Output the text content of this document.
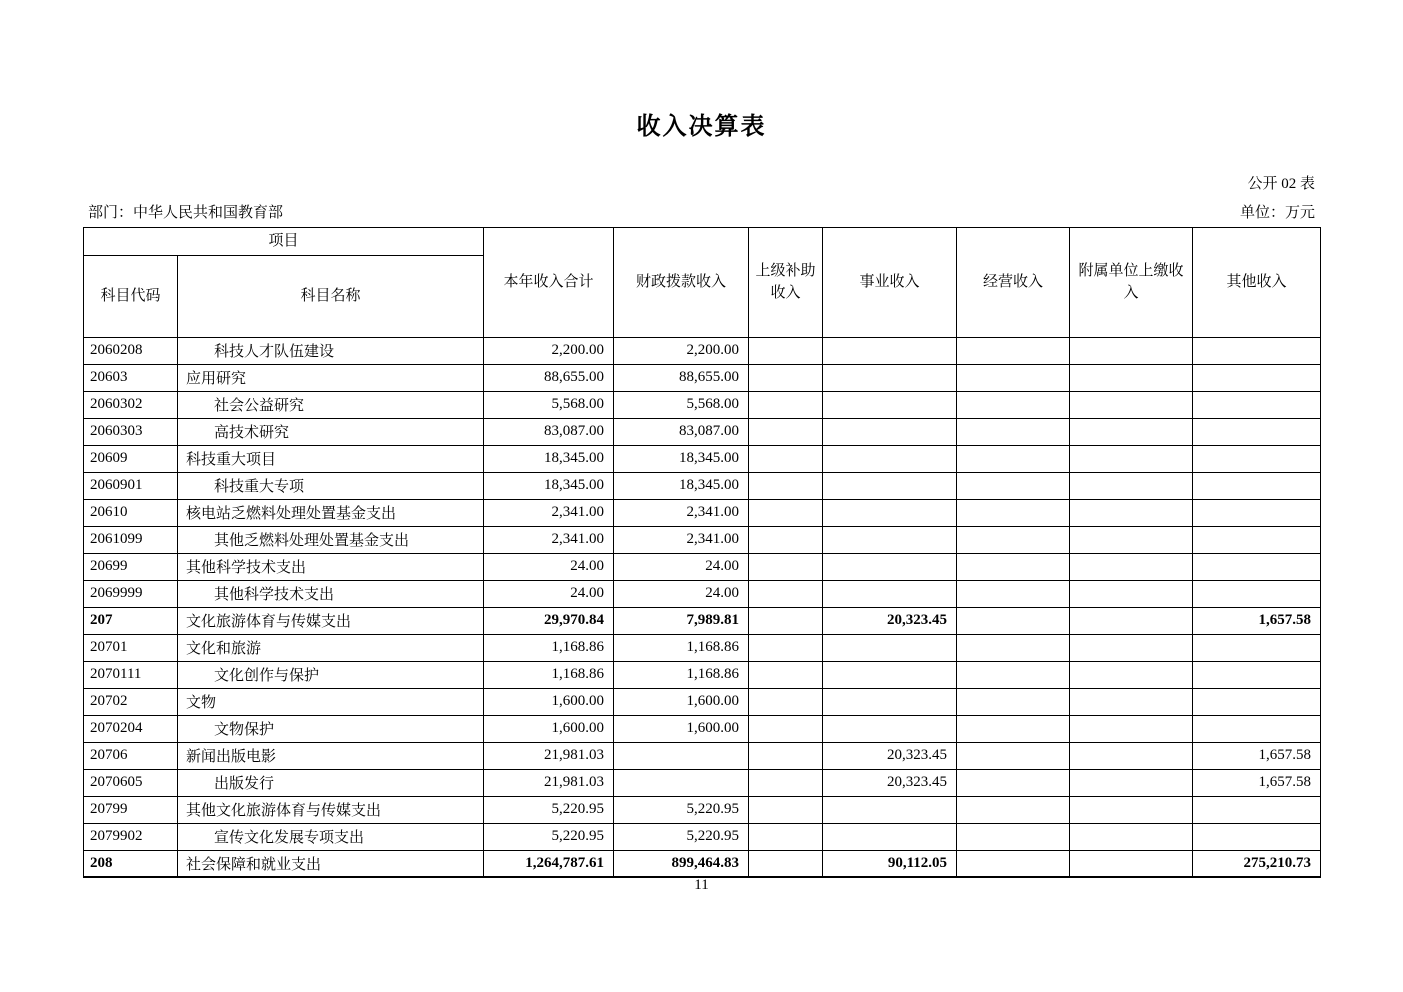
收入决算表
公开 02 表
部门：中华人民共和国教育部	单位：万元
项目		本年收入合计	财政拨款收入	上级补助收入	事业收入	经营收入	附属单位上缴收入	其他收入
科目代码	科目名称							
2060208	科技人才队伍建设	2,200.00	2,200.00					
20603	应用研究	88,655.00	88,655.00					
2060302	社会公益研究	5,568.00	5,568.00					
2060303	高技术研究	83,087.00	83,087.00					
20609	科技重大项目	18,345.00	18,345.00					
2060901	科技重大专项	18,345.00	18,345.00					
20610	核电站乏燃料处理处置基金支出	2,341.00	2,341.00					
2061099	其他乏燃料处理处置基金支出	2,341.00	2,341.00					
20699	其他科学技术支出	24.00	24.00					
2069999	其他科学技术支出	24.00	24.00					
207	文化旅游体育与传媒支出	29,970.84	7,989.81		20,323.45			1,657.58
20701	文化和旅游	1,168.86	1,168.86					
2070111	文化创作与保护	1,168.86	1,168.86					
20702	文物	1,600.00	1,600.00					
2070204	文物保护	1,600.00	1,600.00					
20706	新闻出版电影	21,981.03			20,323.45			1,657.58
2070605	出版发行	21,981.03			20,323.45			1,657.58
20799	其他文化旅游体育与传媒支出	5,220.95	5,220.95					
2079902	宣传文化发展专项支出	5,220.95	5,220.95					
208	社会保障和就业支出	1,264,787.61	899,464.83		90,112.05			275,210.73
11
